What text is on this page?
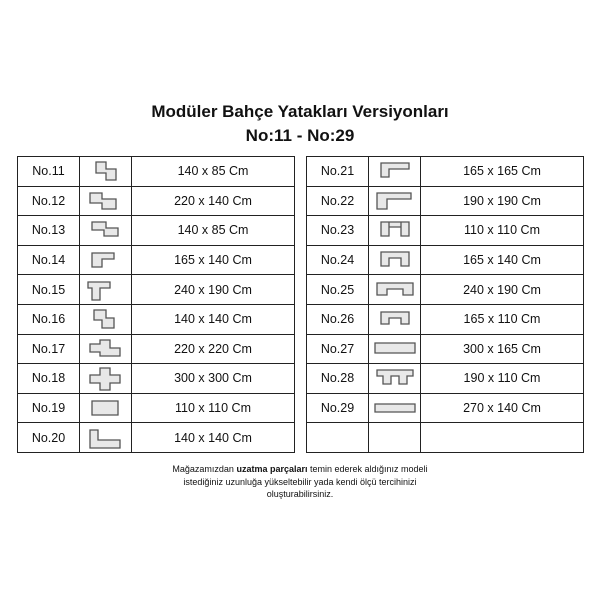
Modüler Bahçe Yatakları Versiyonları
No:11 - No:29
No.11		140 x 85 Cm
No.12		220 x 140 Cm
No.13		140 x 85 Cm
No.14		165 x 140 Cm
No.15		240 x 190 Cm
No.16		140 x 140 Cm
No.17		220 x 220 Cm
No.18		300 x 300 Cm
No.19		110 x 110 Cm
No.20		140 x 140 Cm
No.21		165 x 165 Cm
No.22		190 x 190 Cm
No.23		110 x 110 Cm
No.24		165 x 140 Cm
No.25		240 x 190 Cm
No.26		165 x 110 Cm
No.27		300 x 165 Cm
No.28		190 x 110 Cm
No.29		270 x 140 Cm

Mağazamızdan uzatma parçaları temin ederek aldığınız modeli
istediğiniz uzunluğa yükseltebilir yada kendi ölçü tercihinizi
oluşturabilirsiniz.
